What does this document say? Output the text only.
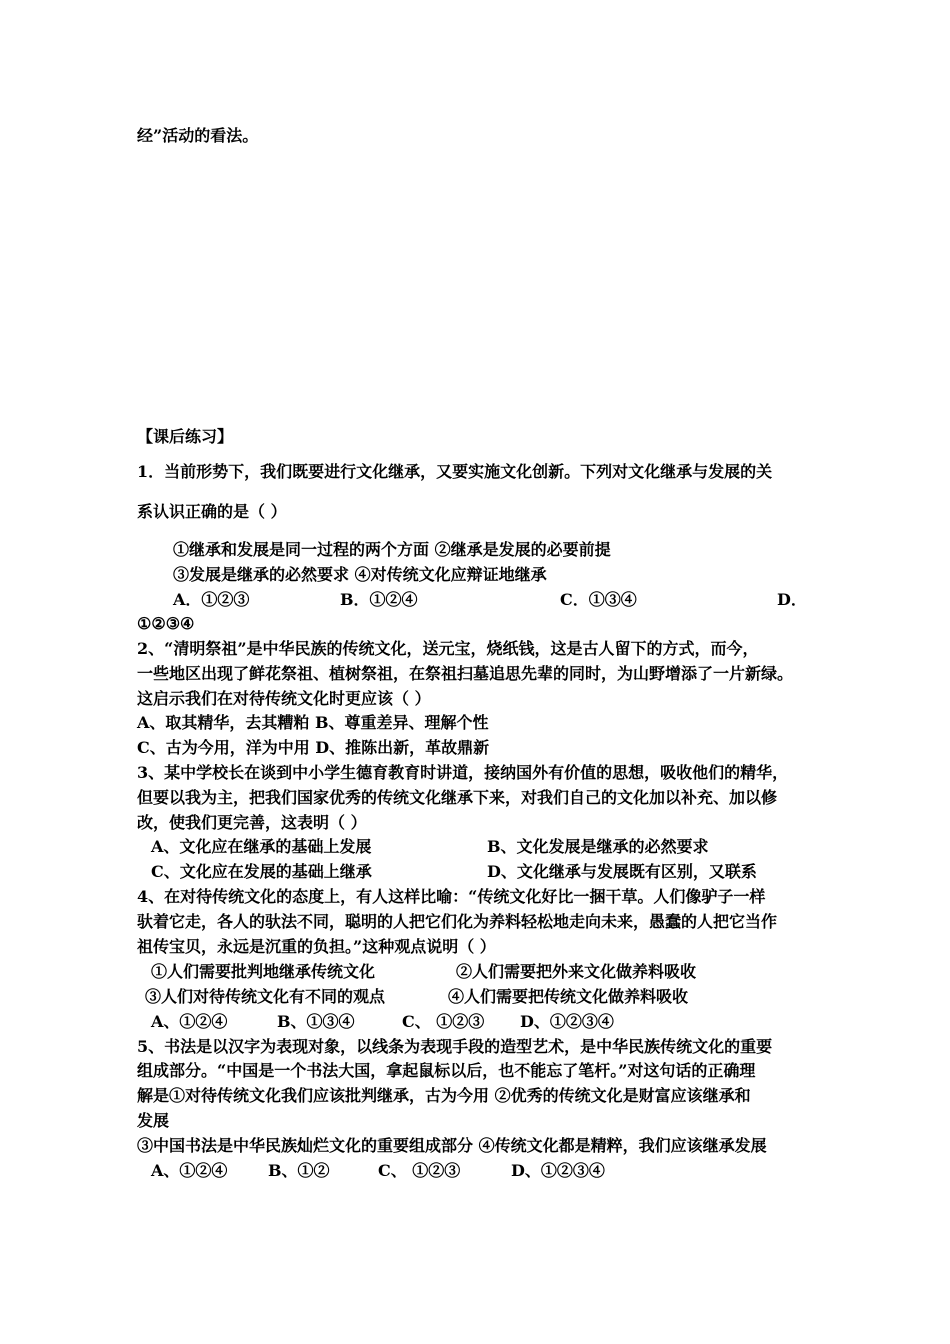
经”活动的看法。
【课后练习】
1．当前形势下，我们既要进行文化继承，又要实施文化创新。下列对文化继承与发展的关
系认识正确的是（ ）
①继承和发展是同一过程的两个方面 ②继承是发展的必要前提
③发展是继承的必然要求 ④对传统文化应辩证地继承
A．①②③	B．①②④	C．①③④	D．
①②③④
2、“清明祭祖”是中华民族的传统文化，送元宝，烧纸钱，这是古人留下的方式，而今，
一些地区出现了鲜花祭祖、植树祭祖，在祭祖扫墓追思先辈的同时，为山野增添了一片新绿。
这启示我们在对待传统文化时更应该（ ）
A、取其精华，去其糟粕 B、尊重差异、理解个性
C、古为今用，洋为中用 D、推陈出新，革故鼎新
3、某中学校长在谈到中小学生德育教育时讲道，接纳国外有价值的思想，吸收他们的精华，
但要以我为主，把我们国家优秀的传统文化继承下来，对我们自己的文化加以补充、加以修
改，使我们更完善，这表明（ ）
A、文化应在继承的基础上发展	B、文化发展是继承的必然要求
C、文化应在发展的基础上继承	D、文化继承与发展既有区别，又联系
4、在对待传统文化的态度上，有人这样比喻：“传统文化好比一捆干草。人们像驴子一样
驮着它走，各人的驮法不同，聪明的人把它们化为养料轻松地走向未来，愚蠢的人把它当作
祖传宝贝，永远是沉重的负担。”这种观点说明（ ）
①人们需要批判地继承传统文化	②人们需要把外来文化做养料吸收
③人们对待传统文化有不同的观点	④人们需要把传统文化做养料吸收
A、①②④	B、①③④	C、 ①②③ D、①②③④
5、书法是以汉字为表现对象，以线条为表现手段的造型艺术，是中华民族传统文化的重要
组成部分。“中国是一个书法大国，拿起鼠标以后，也不能忘了笔杆。”对这句话的正确理
解是①对待传统文化我们应该批判继承，古为今用 ②优秀的传统文化是财富应该继承和
发展
③中国书法是中华民族灿烂文化的重要组成部分 ④传统文化都是精粹，我们应该继承发展
A、①②④	B、①②	C、 ①②③	D、①②③④
